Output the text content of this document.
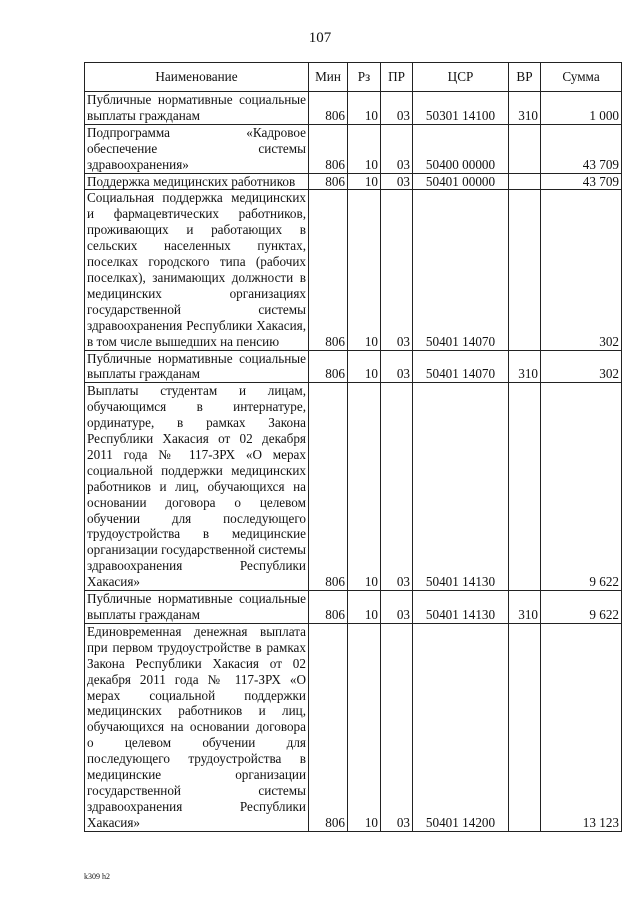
107
Наименование	Мин	Рз	ПР	ЦСР	ВР	Сумма
Публичные нормативные социальные выплаты гражданам	806	10	03	50301 14100	310	1 000
Подпрограмма «Кадровое обеспечение системы здравоохранения»	806	10	03	50400 00000		43 709
Поддержка медицинских работников	806	10	03	50401 00000		43 709
Социальная поддержка медицинских и фармацевтических работников, проживающих и работающих в сельских населенных пунктах, поселках городского типа (рабочих поселках), занимающих должности в медицинских организациях государственной системы здравоохранения Республики Хакасия, в том числе вышедших на пенсию	806	10	03	50401 14070		302
Публичные нормативные социальные выплаты гражданам	806	10	03	50401 14070	310	302
Выплаты студентам и лицам, обучающимся в интернатуре, ординатуре, в рамках Закона Республики Хакасия от 02 декабря 2011 года № 117-ЗРХ «О мерах социальной поддержки медицинских работников и лиц, обучающихся на основании договора о целевом обучении для последующего трудоустройства в медицинские организации государственной системы здравоохранения Республики Хакасия»	806	10	03	50401 14130		9 622
Публичные нормативные социальные выплаты гражданам	806	10	03	50401 14130	310	9 622
Единовременная денежная выплата при первом трудоустройстве в рамках Закона Республики Хакасия от 02 декабря 2011 года № 117-ЗРХ «О мерах социальной поддержки медицинских работников и лиц, обучающихся на основании договора о целевом обучении для последующего трудоустройства в медицинские организации государственной системы здравоохранения Республики Хакасия»	806	10	03	50401 14200		13 123
k309 h2
